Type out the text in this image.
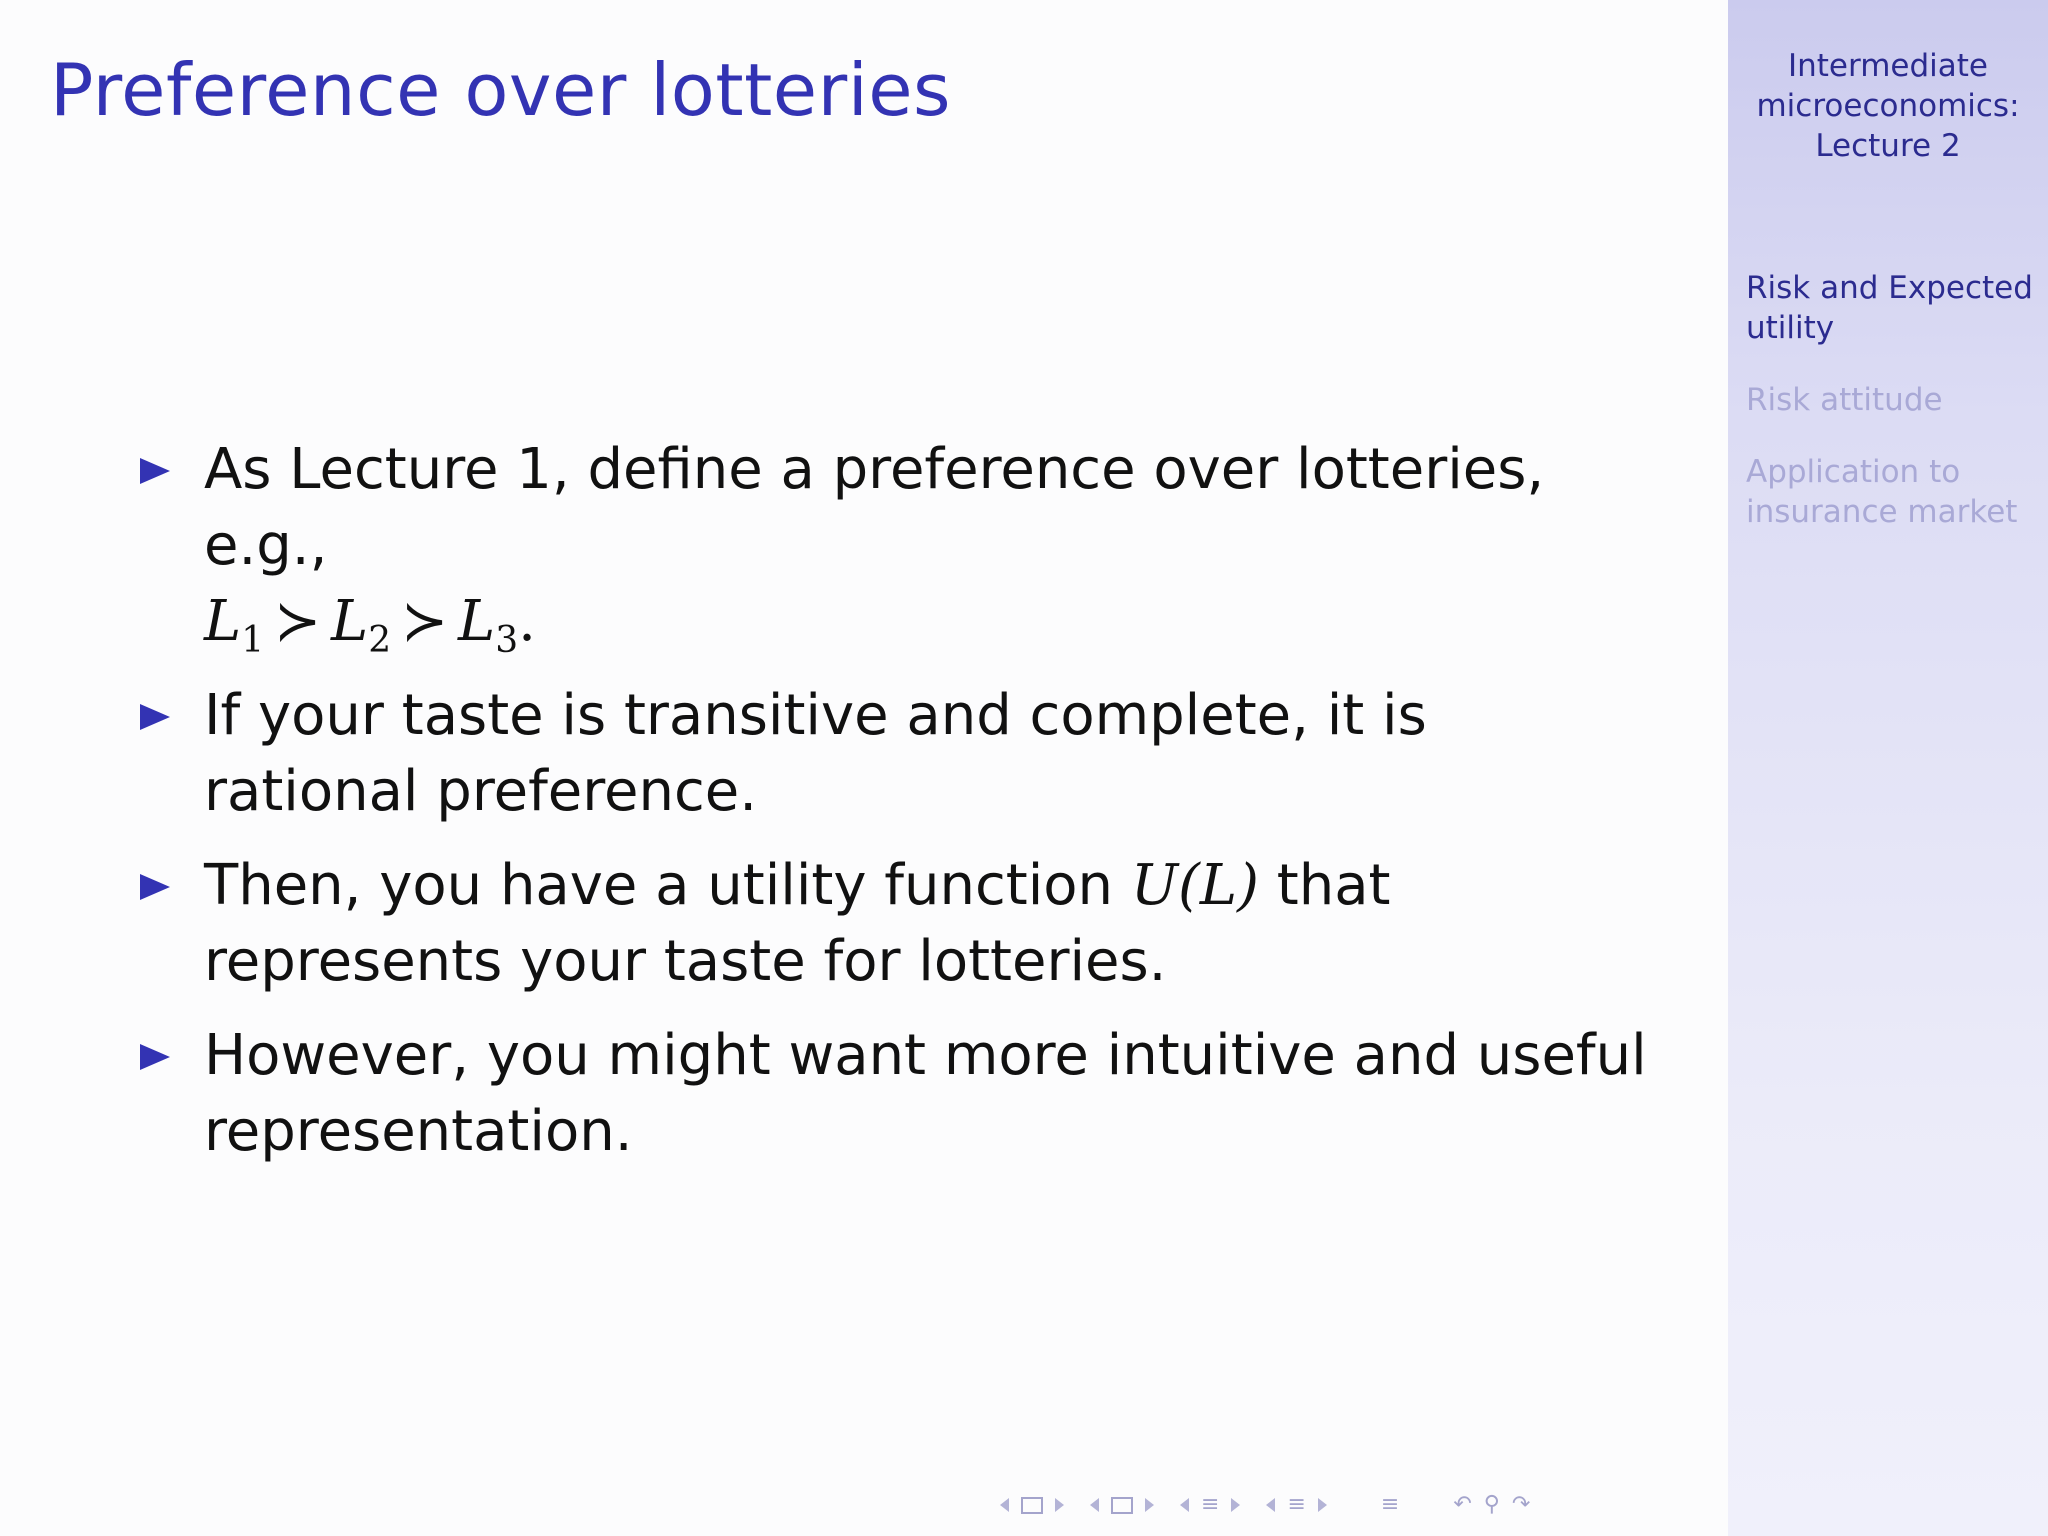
Preference over lotteries
As Lecture 1, define a preference over lotteries, e.g.,
$L_1$ ≻ $L_2$ ≻ $L_3$.
If your taste is transitive and complete, it is rational preference.
Then, you have a utility function U(L) that represents your taste for lotteries.
However, you might want more intuitive and useful representation.
≡	≡	≡ ↶ ⚲ ↷
Intermediate
microeconomics:
Lecture 2
Risk and Expected
utility
Risk attitude
Application to
insurance market
